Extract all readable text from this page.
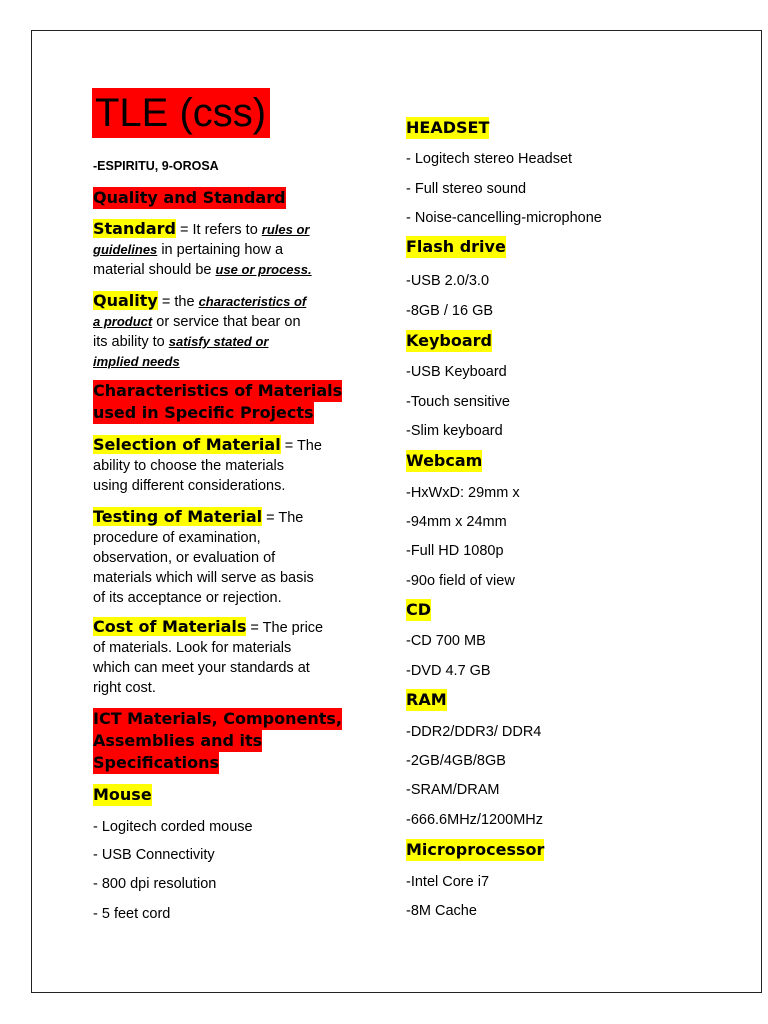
TLE (css)
-ESPIRITU, 9-OROSA
Quality and Standard
Standard = It refers to rules or
guidelines in pertaining how a
material should be use or process.
Quality = the characteristics of
a product or service that bear on
its ability to satisfy stated or
implied needs
Characteristics of Materials
used in Specific Projects
Selection of Material = The
ability to choose the materials
using different considerations.
Testing of Material = The
procedure of examination,
observation, or evaluation of
materials which will serve as basis
of its acceptance or rejection.
Cost of Materials = The price
of materials. Look for materials
which can meet your standards at
right cost.
ICT Materials, Components,
Assemblies and its
Specifications
Mouse
- Logitech corded mouse
- USB Connectivity
- 800 dpi resolution
- 5 feet cord
HEADSET
- Logitech stereo Headset
- Full stereo sound
- Noise-cancelling-microphone
Flash drive
-USB 2.0/3.0
-8GB / 16 GB
Keyboard
-USB Keyboard
-Touch sensitive
-Slim keyboard
Webcam
-HxWxD: 29mm x
-94mm x 24mm
-Full HD 1080p
-90o field of view
CD
-CD 700 MB
-DVD 4.7 GB
RAM
-DDR2/DDR3/ DDR4
-2GB/4GB/8GB
-SRAM/DRAM
-666.6MHz/1200MHz
Microprocessor
-Intel Core i7
-8M Cache
